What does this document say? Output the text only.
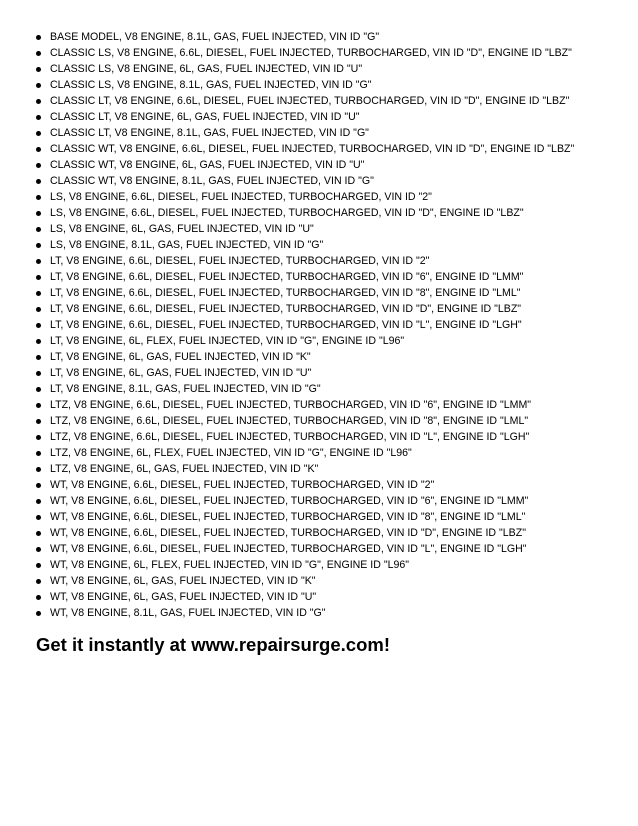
BASE MODEL, V8 ENGINE, 8.1L, GAS, FUEL INJECTED, VIN ID "G"
CLASSIC LS, V8 ENGINE, 6.6L, DIESEL, FUEL INJECTED, TURBOCHARGED, VIN ID "D", ENGINE ID "LBZ"
CLASSIC LS, V8 ENGINE, 6L, GAS, FUEL INJECTED, VIN ID "U"
CLASSIC LS, V8 ENGINE, 8.1L, GAS, FUEL INJECTED, VIN ID "G"
CLASSIC LT, V8 ENGINE, 6.6L, DIESEL, FUEL INJECTED, TURBOCHARGED, VIN ID "D", ENGINE ID "LBZ"
CLASSIC LT, V8 ENGINE, 6L, GAS, FUEL INJECTED, VIN ID "U"
CLASSIC LT, V8 ENGINE, 8.1L, GAS, FUEL INJECTED, VIN ID "G"
CLASSIC WT, V8 ENGINE, 6.6L, DIESEL, FUEL INJECTED, TURBOCHARGED, VIN ID "D", ENGINE ID "LBZ"
CLASSIC WT, V8 ENGINE, 6L, GAS, FUEL INJECTED, VIN ID "U"
CLASSIC WT, V8 ENGINE, 8.1L, GAS, FUEL INJECTED, VIN ID "G"
LS, V8 ENGINE, 6.6L, DIESEL, FUEL INJECTED, TURBOCHARGED, VIN ID "2"
LS, V8 ENGINE, 6.6L, DIESEL, FUEL INJECTED, TURBOCHARGED, VIN ID "D", ENGINE ID "LBZ"
LS, V8 ENGINE, 6L, GAS, FUEL INJECTED, VIN ID "U"
LS, V8 ENGINE, 8.1L, GAS, FUEL INJECTED, VIN ID "G"
LT, V8 ENGINE, 6.6L, DIESEL, FUEL INJECTED, TURBOCHARGED, VIN ID "2"
LT, V8 ENGINE, 6.6L, DIESEL, FUEL INJECTED, TURBOCHARGED, VIN ID "6", ENGINE ID "LMM"
LT, V8 ENGINE, 6.6L, DIESEL, FUEL INJECTED, TURBOCHARGED, VIN ID "8", ENGINE ID "LML"
LT, V8 ENGINE, 6.6L, DIESEL, FUEL INJECTED, TURBOCHARGED, VIN ID "D", ENGINE ID "LBZ"
LT, V8 ENGINE, 6.6L, DIESEL, FUEL INJECTED, TURBOCHARGED, VIN ID "L", ENGINE ID "LGH"
LT, V8 ENGINE, 6L, FLEX, FUEL INJECTED, VIN ID "G", ENGINE ID "L96"
LT, V8 ENGINE, 6L, GAS, FUEL INJECTED, VIN ID "K"
LT, V8 ENGINE, 6L, GAS, FUEL INJECTED, VIN ID "U"
LT, V8 ENGINE, 8.1L, GAS, FUEL INJECTED, VIN ID "G"
LTZ, V8 ENGINE, 6.6L, DIESEL, FUEL INJECTED, TURBOCHARGED, VIN ID "6", ENGINE ID "LMM"
LTZ, V8 ENGINE, 6.6L, DIESEL, FUEL INJECTED, TURBOCHARGED, VIN ID "8", ENGINE ID "LML"
LTZ, V8 ENGINE, 6.6L, DIESEL, FUEL INJECTED, TURBOCHARGED, VIN ID "L", ENGINE ID "LGH"
LTZ, V8 ENGINE, 6L, FLEX, FUEL INJECTED, VIN ID "G", ENGINE ID "L96"
LTZ, V8 ENGINE, 6L, GAS, FUEL INJECTED, VIN ID "K"
WT, V8 ENGINE, 6.6L, DIESEL, FUEL INJECTED, TURBOCHARGED, VIN ID "2"
WT, V8 ENGINE, 6.6L, DIESEL, FUEL INJECTED, TURBOCHARGED, VIN ID "6", ENGINE ID "LMM"
WT, V8 ENGINE, 6.6L, DIESEL, FUEL INJECTED, TURBOCHARGED, VIN ID "8", ENGINE ID "LML"
WT, V8 ENGINE, 6.6L, DIESEL, FUEL INJECTED, TURBOCHARGED, VIN ID "D", ENGINE ID "LBZ"
WT, V8 ENGINE, 6.6L, DIESEL, FUEL INJECTED, TURBOCHARGED, VIN ID "L", ENGINE ID "LGH"
WT, V8 ENGINE, 6L, FLEX, FUEL INJECTED, VIN ID "G", ENGINE ID "L96"
WT, V8 ENGINE, 6L, GAS, FUEL INJECTED, VIN ID "K"
WT, V8 ENGINE, 6L, GAS, FUEL INJECTED, VIN ID "U"
WT, V8 ENGINE, 8.1L, GAS, FUEL INJECTED, VIN ID "G"
Get it instantly at www.repairsurge.com!
